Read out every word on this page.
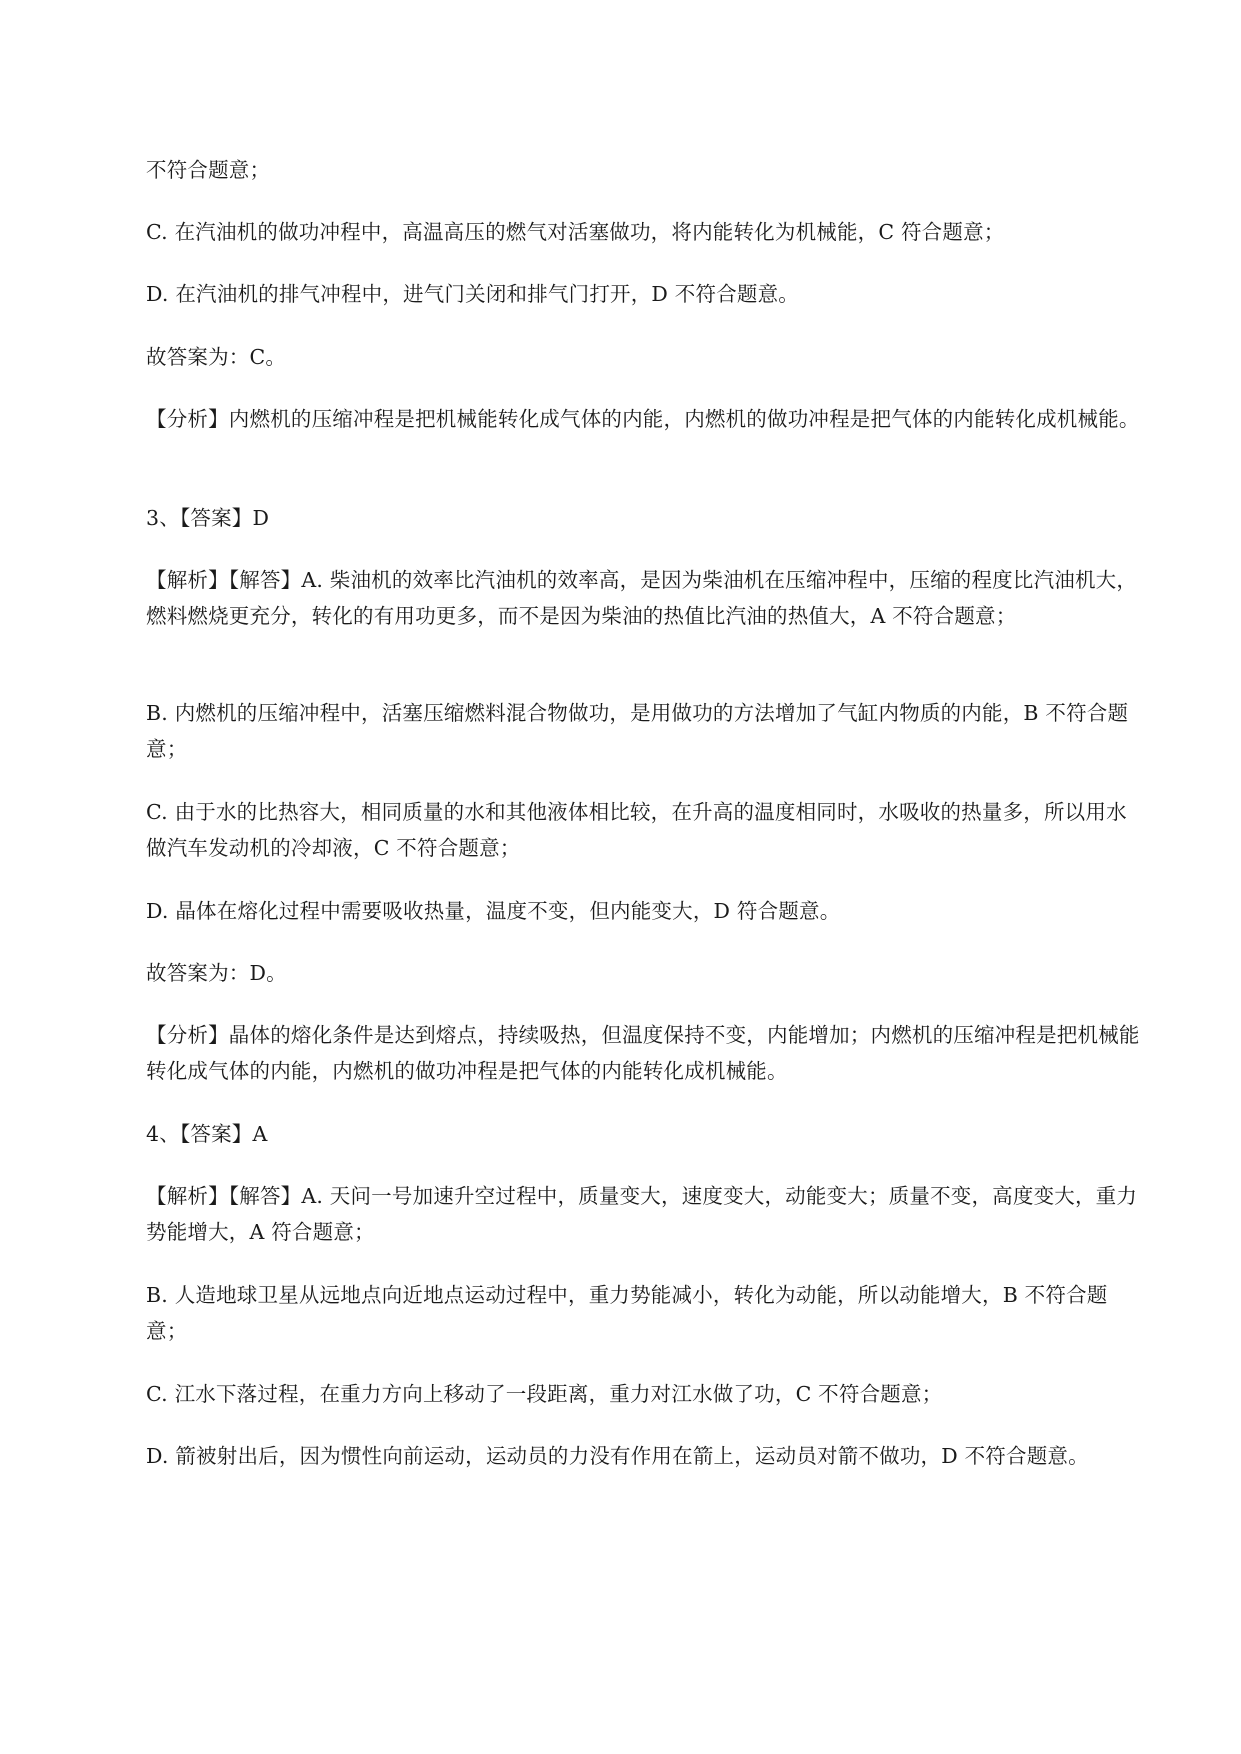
不符合题意；

C. 在汽油机的做功冲程中，高温高压的燃气对活塞做功，将内能转化为机械能，C 符合题意；

D. 在汽油机的排气冲程中，进气门关闭和排气门打开，D 不符合题意。

故答案为：C。

【分析】内燃机的压缩冲程是把机械能转化成气体的内能，内燃机的做功冲程是把气体的内能转化成机械能。

3、【答案】D

【解析】【解答】A. 柴油机的效率比汽油机的效率高，是因为柴油机在压缩冲程中，压缩的程度比汽油机大，燃料燃烧更充分，转化的有用功更多，而不是因为柴油的热值比汽油的热值大，A 不符合题意；

B. 内燃机的压缩冲程中，活塞压缩燃料混合物做功，是用做功的方法增加了气缸内物质的内能，B 不符合题意；

C. 由于水的比热容大，相同质量的水和其他液体相比较，在升高的温度相同时，水吸收的热量多，所以用水做汽车发动机的冷却液，C 不符合题意；

D. 晶体在熔化过程中需要吸收热量，温度不变，但内能变大，D 符合题意。

故答案为：D。

【分析】晶体的熔化条件是达到熔点，持续吸热，但温度保持不变，内能增加；内燃机的压缩冲程是把机械能转化成气体的内能，内燃机的做功冲程是把气体的内能转化成机械能。

4、【答案】A

【解析】【解答】A. 天问一号加速升空过程中，质量变大，速度变大，动能变大；质量不变，高度变大，重力势能增大，A 符合题意；

B. 人造地球卫星从远地点向近地点运动过程中，重力势能减小，转化为动能，所以动能增大，B 不符合题意；

C. 江水下落过程，在重力方向上移动了一段距离，重力对江水做了功，C 不符合题意；

D. 箭被射出后，因为惯性向前运动，运动员的力没有作用在箭上，运动员对箭不做功，D 不符合题意。
